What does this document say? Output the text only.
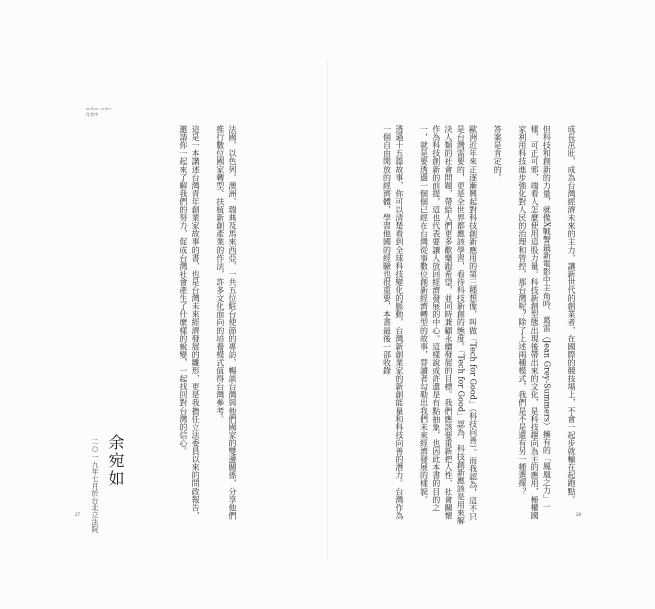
author order
作者序

成長茁壯，成為台灣經濟未來的主力，讓新世代的創業者，在國際的競技場上，不會一起步就輸在起跑點。

但科技和創新的力量，就像X戰警最新電影中主角吟．葛雷（Jean Grey-Summers）擁有的「鳳凰之力」一樣，可正可邪，端看人怎麼使用這股力量。科技新創型態出現後帶出來的文化，是科技趨向為主的應用，極權國家利用科技進步強化對人民的治理和管控，那台灣呢？除了上述兩種模式，我們是不是還有另一種選擇？

答案是肯定的。

歐洲近年來正逐漸興起對科技創新應用的第三種想像，叫做「Tech for Good」（科技向善）。而我認為，這不只是台灣需要的，更是全世界都應該學習，看待科技新創的態度。「Tech for Good」認為，科技創新應該是用來解決人類的社會問題，帶給人們更多歡樂跟希望，並同時兼顧永續發展的目標。我們應該要重新把人性、社會關懷作為科技創新的前提，這也代表要讓人放回經濟發展的中心。這樣說或許還是有點抽象，也因此本書的目的之一，就是要透過一個個已經在台灣從事數位創新經濟轉型的故事，替讀者勾勒出我們未來經濟發展的樣貌。

透過十五篇故事，你可以清楚看到全球科技變化的脈動，台灣新創業家的新創能量和科技向善的潛力。台灣作為一個自由開放的經濟體，學習他國的經驗也很重要，本書最後一部收錄

法國、以色列、澳洲、瑞典及馬來西亞，一共五位駐台使節的專訪，暢談台灣與他們國家的雙邊關係，分享他們推行數位國家轉型、扶植新創產業的作法，許多文化面向的培養模式值得台灣參考。

這是一本講述台灣青年創業家故事的書，也是台灣未來經濟發展的雛形，更是我擔任立法委員以來的問政報告，邀請你一起來了解我們的努力，促成台灣社會產生了什麼樣的蛻變，一起找回對台灣的信心。

余宛如
二○一九年七月於台北立法院
27	28
